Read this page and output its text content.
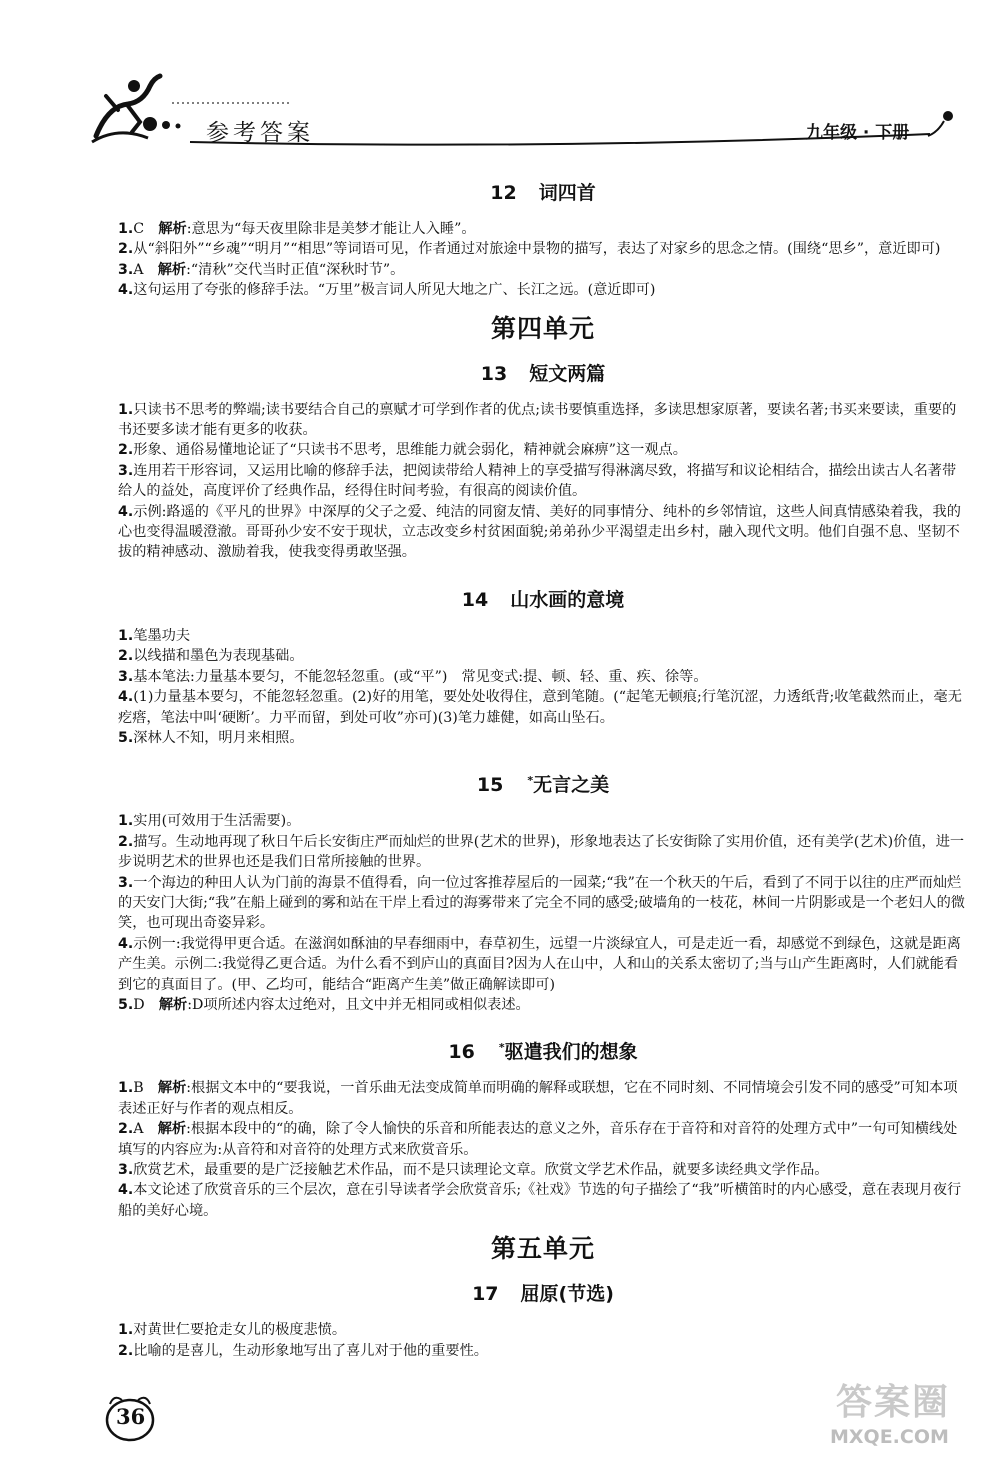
参考答案	九年级 · 下册
12 词四首

1.C　解析:意思为“每天夜里除非是美梦才能让人入睡”。

2.从“斜阳外”“乡魂”“明月”“相思”等词语可见，作者通过对旅途中景物的描写，表达了对家乡的思念之情。(围绕“思乡”，意近即可)

3.A　解析:“清秋”交代当时正值“深秋时节”。

4.这句运用了夸张的修辞手法。“万里”极言词人所见大地之广、长江之远。(意近即可)

第四单元
13 短文两篇

1.只读书不思考的弊端;读书要结合自己的禀赋才可学到作者的优点;读书要慎重选择，多读思想家原著，要读名著;书买来要读，重要的书还要多读才能有更多的收获。

2.形象、通俗易懂地论证了“只读书不思考，思维能力就会弱化，精神就会麻痹”这一观点。

3.连用若干形容词，又运用比喻的修辞手法，把阅读带给人精神上的享受描写得淋漓尽致，将描写和议论相结合，描绘出读古人名著带给人的益处，高度评价了经典作品，经得住时间考验，有很高的阅读价值。

4.示例:路遥的《平凡的世界》中深厚的父子之爱、纯洁的同窗友情、美好的同事情分、纯朴的乡邻情谊，这些人间真情感染着我，我的心也变得温暖澄澈。哥哥孙少安不安于现状，立志改变乡村贫困面貌;弟弟孙少平渴望走出乡村，融入现代文明。他们自强不息、坚韧不拔的精神感动、激励着我，使我变得勇敢坚强。

14 山水画的意境

1.笔墨功夫

2.以线描和墨色为表现基础。

3.基本笔法:力量基本要匀，不能忽轻忽重。(或“平”)　常见变式:提、顿、轻、重、疾、徐等。

4.(1)力量基本要匀，不能忽轻忽重。(2)好的用笔，要处处收得住，意到笔随。(“起笔无顿痕;行笔沉涩，力透纸背;收笔截然而止，毫无疙瘩，笔法中叫‘硬断’。力平而留，到处可收”亦可)(3)笔力雄健，如高山坠石。

5.深林人不知，明月来相照。

15 *无言之美

1.实用(可效用于生活需要)。

2.描写。生动地再现了秋日午后长安街庄严而灿烂的世界(艺术的世界)，形象地表达了长安街除了实用价值，还有美学(艺术)价值，进一步说明艺术的世界也还是我们日常所接触的世界。

3.一个海边的种田人认为门前的海景不值得看，向一位过客推荐屋后的一园菜;“我”在一个秋天的午后，看到了不同于以往的庄严而灿烂的天安门大街;“我”在船上碰到的雾和站在干岸上看过的海雾带来了完全不同的感受;破墙角的一枝花，林间一片阴影或是一个老妇人的微笑，也可现出奇姿异彩。

4.示例一:我觉得甲更合适。在滋润如酥油的早春细雨中，春草初生，远望一片淡绿宜人，可是走近一看，却感觉不到绿色，这就是距离产生美。示例二:我觉得乙更合适。为什么看不到庐山的真面目?因为人在山中，人和山的关系太密切了;当与山产生距离时，人们就能看到它的真面目了。(甲、乙均可，能结合“距离产生美”做正确解读即可)

5.D　解析:D项所述内容太过绝对，且文中并无相同或相似表述。

16 *驱遣我们的想象

1.B　解析:根据文本中的“要我说，一首乐曲无法变成简单而明确的解释或联想，它在不同时刻、不同情境会引发不同的感受”可知本项表述正好与作者的观点相反。

2.A　解析:根据本段中的“的确，除了令人愉快的乐音和所能表达的意义之外，音乐存在于音符和对音符的处理方式中”一句可知横线处填写的内容应为:从音符和对音符的处理方式来欣赏音乐。

3.欣赏艺术，最重要的是广泛接触艺术作品，而不是只读理论文章。欣赏文学艺术作品，就要多读经典文学作品。

4.本文论述了欣赏音乐的三个层次，意在引导读者学会欣赏音乐;《社戏》节选的句子描绘了“我”听横笛时的内心感受，意在表现月夜行船的美好心境。

第五单元
17 屈原(节选)

1.对黄世仁要抢走女儿的极度悲愤。

2.比喻的是喜儿，生动形象地写出了喜儿对于他的重要性。

36	答案圈
MXQE.COM
